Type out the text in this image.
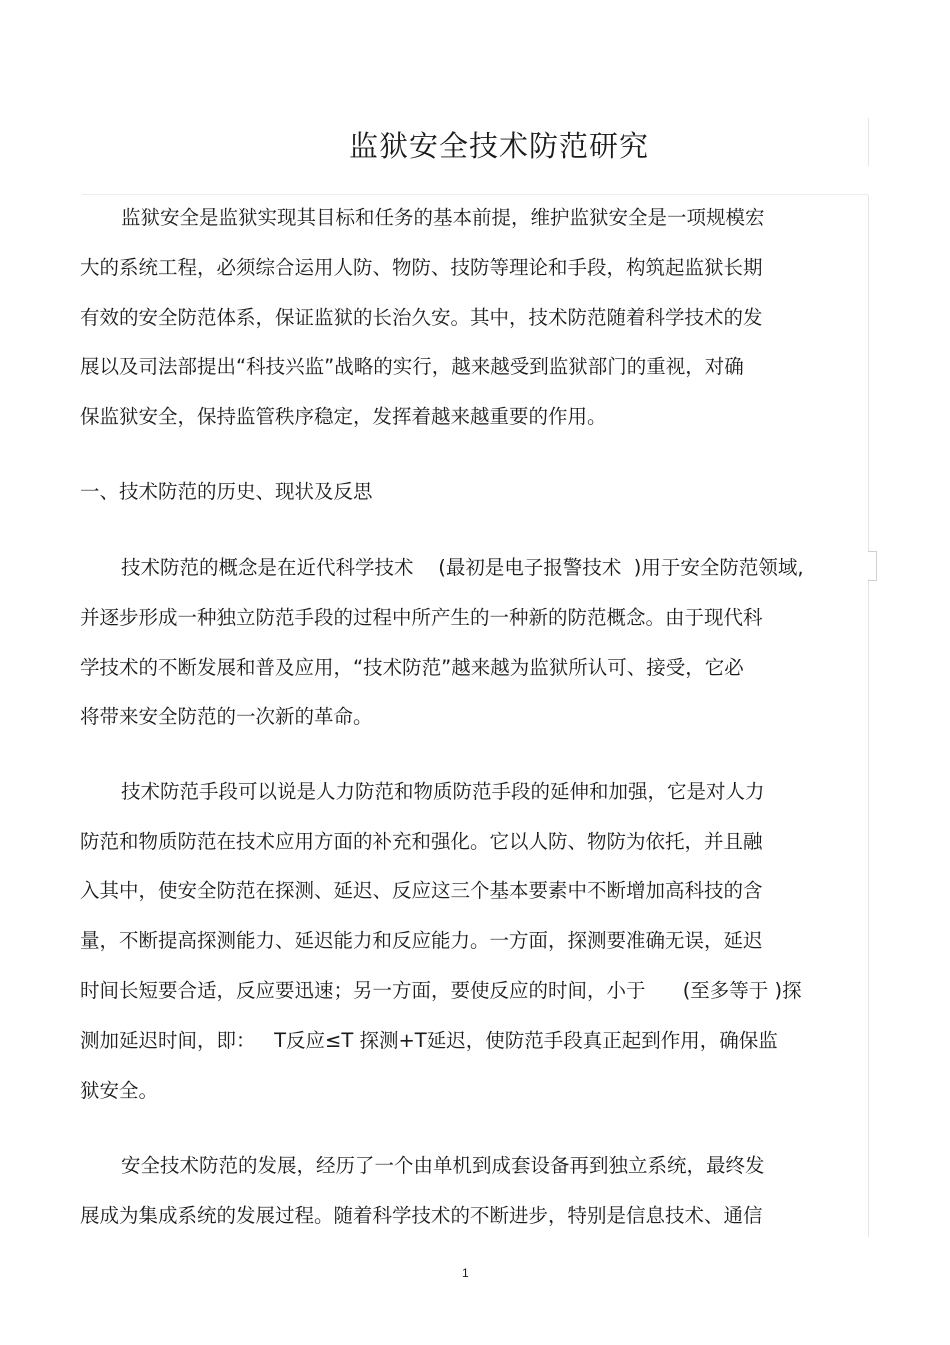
监狱安全技术防范研究
监狱安全是监狱实现其目标和任务的基本前提，维护监狱安全是一项规模宏
大的系统工程，必须综合运用人防、物防、技防等理论和手段，构筑起监狱长期
有效的安全防范体系，保证监狱的长治久安。其中，技术防范随着科学技术的发
展以及司法部提出“科技兴监”战略的实行，越来越受到监狱部门的重视，对确
保监狱安全，保持监管秩序稳定，发挥着越来越重要的作用。
一、技术防范的历史、现状及反思
技术防范的概念是在近代科学技术    (最初是电子报警技术  )用于安全防范领域,
并逐步形成一种独立防范手段的过程中所产生的一种新的防范概念。由于现代科
学技术的不断发展和普及应用，“技术防范”越来越为监狱所认可、接受，它必
将带来安全防范的一次新的革命。
技术防范手段可以说是人力防范和物质防范手段的延伸和加强，它是对人力
防范和物质防范在技术应用方面的补充和强化。它以人防、物防为依托，并且融
入其中，使安全防范在探测、延迟、反应这三个基本要素中不断增加高科技的含
量，不断提高探测能力、延迟能力和反应能力。一方面，探测要准确无误，延迟
时间长短要合适，反应要迅速；另一方面，要使反应的时间，小于      (至多等于 )探
测加延迟时间，即：   T反应≤T 探测+T延迟，使防范手段真正起到作用，确保监
狱安全。
安全技术防范的发展，经历了一个由单机到成套设备再到独立系统，最终发
展成为集成系统的发展过程。随着科学技术的不断进步，特别是信息技术、通信
1
